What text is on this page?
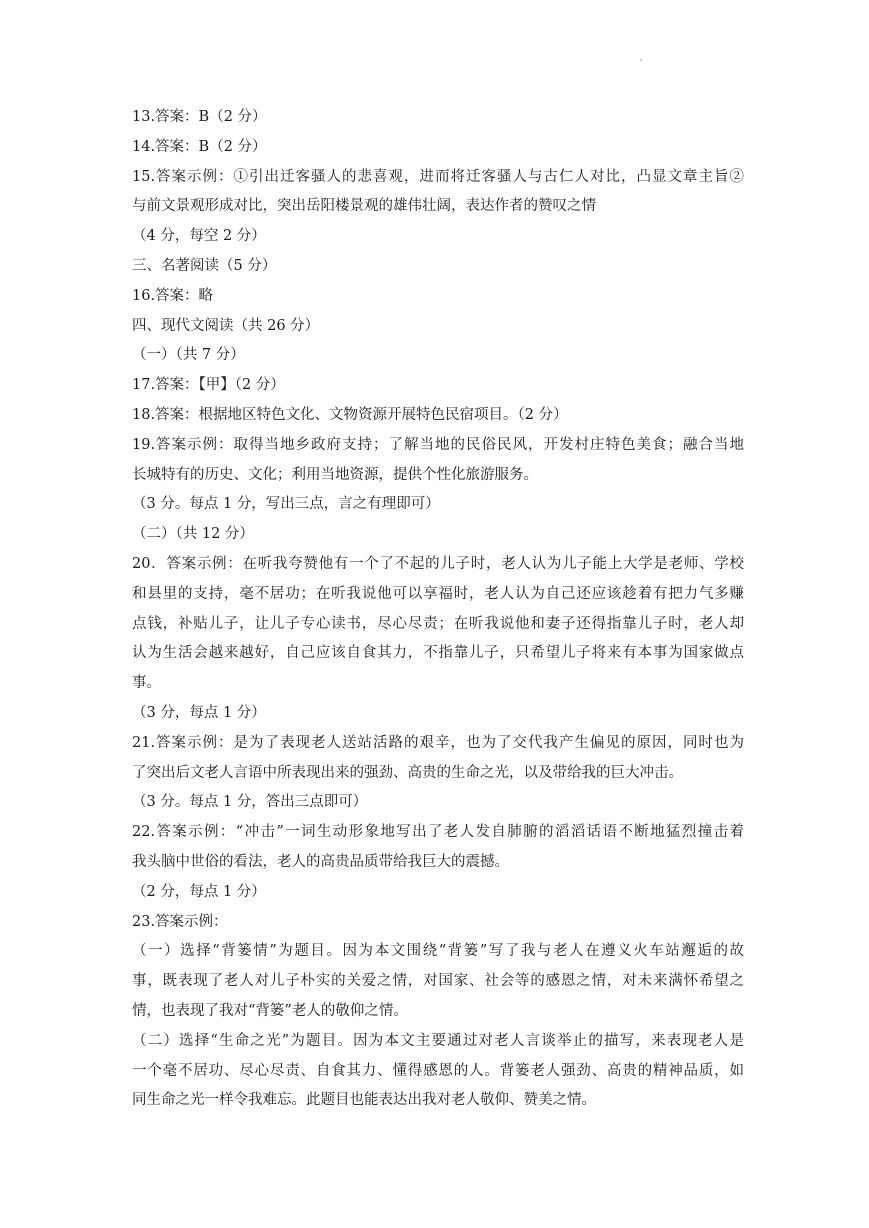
'
13.答案：B（2 分）
14.答案：B（2 分）
15.答案示例：①引出迁客骚人的悲喜观，进而将迁客骚人与古仁人对比，凸显文章主旨②
与前文景观形成对比，突出岳阳楼景观的雄伟壮阔，表达作者的赞叹之情
（4 分，每空 2 分）
三、名著阅读（5 分）
16.答案：略
四、现代文阅读（共 26 分）
（一）（共 7 分）
17.答案：【甲】（2 分）
18.答案：根据地区特色文化、文物资源开展特色民宿项目。（2 分）
19.答案示例：取得当地乡政府支持；了解当地的民俗民风，开发村庄特色美食；融合当地
长城特有的历史、文化；利用当地资源，提供个性化旅游服务。
（3 分。每点 1 分，写出三点，言之有理即可）
（二）（共 12 分）
20．答案示例：在听我夸赞他有一个了不起的儿子时，老人认为儿子能上大学是老师、学校
和县里的支持，毫不居功；在听我说他可以享福时，老人认为自己还应该趁着有把力气多赚
点钱，补贴儿子，让儿子专心读书，尽心尽责；在听我说他和妻子还得指靠儿子时，老人却
认为生活会越来越好，自己应该自食其力，不指靠儿子，只希望儿子将来有本事为国家做点
事。
（3 分，每点 1 分）
21.答案示例：是为了表现老人送站活路的艰辛，也为了交代我产生偏见的原因，同时也为
了突出后文老人言语中所表现出来的强劲、高贵的生命之光，以及带给我的巨大冲击。
（3 分。每点 1 分，答出三点即可）
22.答案示例：“冲击”一词生动形象地写出了老人发自肺腑的滔滔话语不断地猛烈撞击着
我头脑中世俗的看法，老人的高贵品质带给我巨大的震撼。
（2 分，每点 1 分）
23.答案示例：
（一）选择“背篓情”为题目。因为本文围绕“背篓”写了我与老人在遵义火车站邂逅的故
事，既表现了老人对儿子朴实的关爱之情，对国家、社会等的感恩之情，对未来满怀希望之
情，也表现了我对“背篓”老人的敬仰之情。
（二）选择“生命之光”为题目。因为本文主要通过对老人言谈举止的描写，来表现老人是
一个毫不居功、尽心尽责、自食其力、懂得感恩的人。背篓老人强劲、高贵的精神品质，如
同生命之光一样令我难忘。此题目也能表达出我对老人敬仰、赞美之情。
